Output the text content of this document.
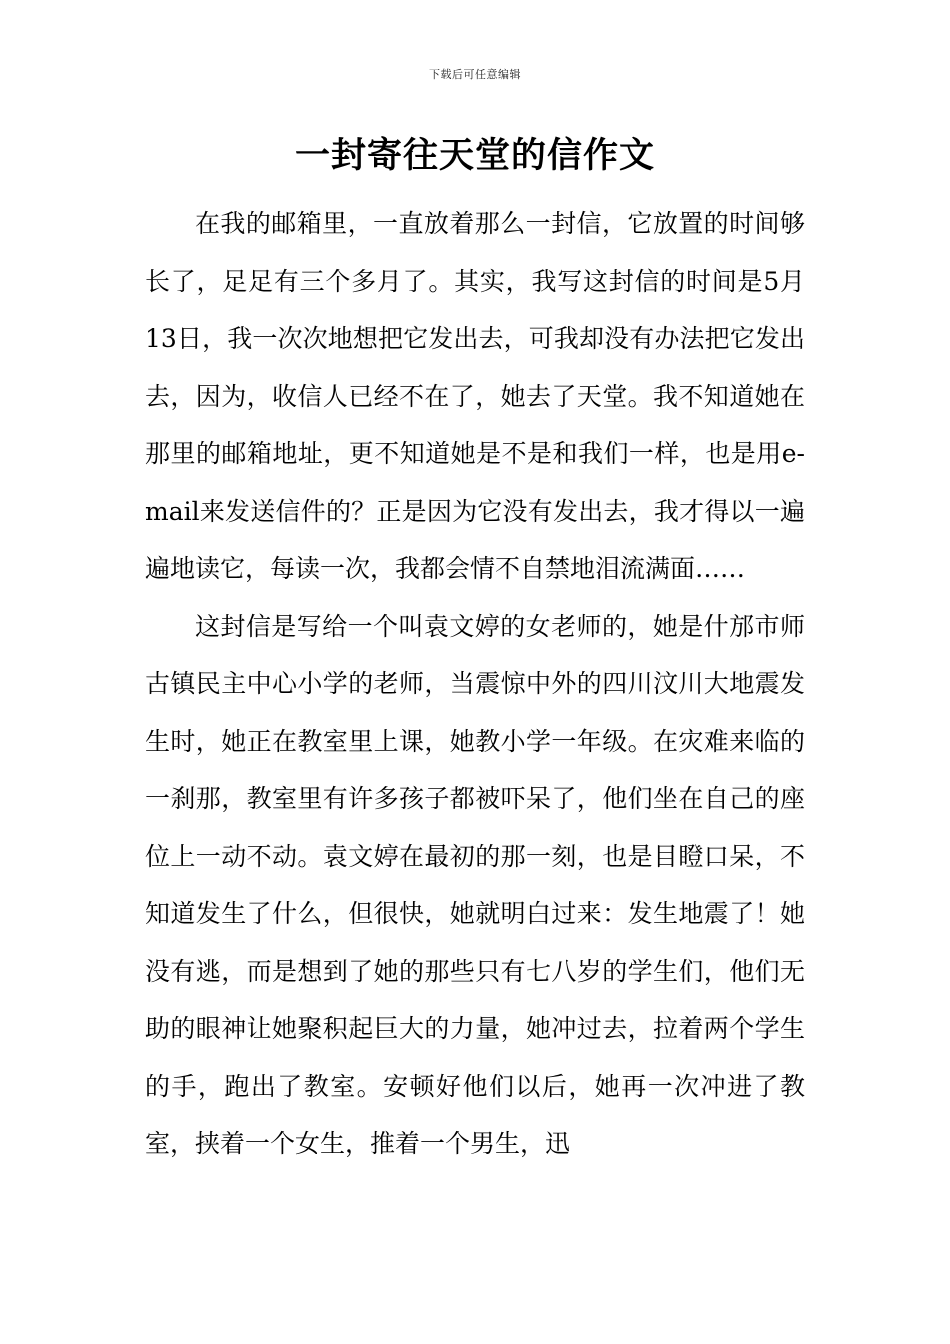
下载后可任意编辑
一封寄往天堂的信作文

在我的邮箱里，一直放着那么一封信，它放置的时间够长了，足足有三个多月了。其实，我写这封信的时间是5月13日，我一次次地想把它发出去，可我却没有办法把它发出去，因为，收信人已经不在了，她去了天堂。我不知道她在那里的邮箱地址，更不知道她是不是和我们一样，也是用e-mail来发送信件的？正是因为它没有发出去，我才得以一遍遍地读它，每读一次，我都会情不自禁地泪流满面……

这封信是写给一个叫袁文婷的女老师的，她是什邡市师古镇民主中心小学的老师，当震惊中外的四川汶川大地震发生时，她正在教室里上课，她教小学一年级。在灾难来临的一刹那，教室里有许多孩子都被吓呆了，他们坐在自己的座位上一动不动。袁文婷在最初的那一刻，也是目瞪口呆，不知道发生了什么，但很快，她就明白过来：发生地震了！她没有逃，而是想到了她的那些只有七八岁的学生们，他们无助的眼神让她聚积起巨大的力量，她冲过去，拉着两个学生的手，跑出了教室。安顿好他们以后，她再一次冲进了教室，挟着一个女生，推着一个男生，迅
